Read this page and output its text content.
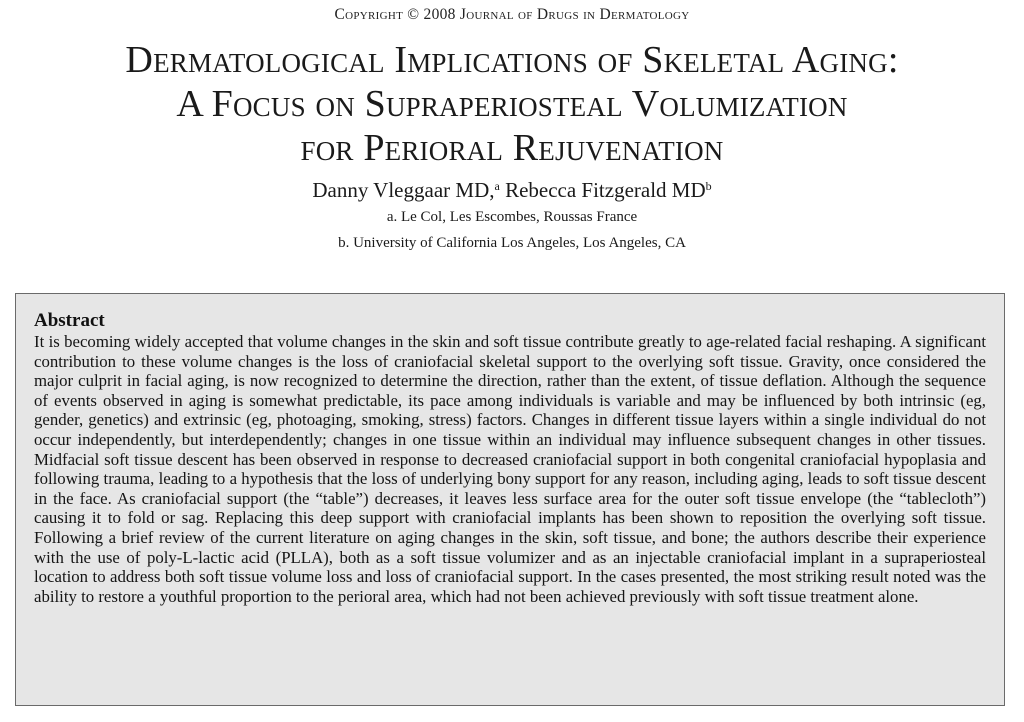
Copyright © 2008 Journal of Drugs in Dermatology
Dermatological Implications of Skeletal Aging:
A Focus on Supraperiosteal Volumization
for Perioral Rejuvenation
Danny Vleggaar MD,$^a$ Rebecca Fitzgerald $MD^b$
a. Le Col, Les Escombes, Roussas France
b. University of California Los Angeles, Los Angeles, CA
Abstract

It is becoming widely accepted that volume changes in the skin and soft tissue contribute greatly to age-related facial reshaping. A significant contribution to these volume changes is the loss of craniofacial skeletal support to the overlying soft tissue. Gravity, once considered the major culprit in facial aging, is now recognized to determine the direction, rather than the extent, of tissue deflation. Although the sequence of events observed in aging is somewhat predictable, its pace among individuals is variable and may be influenced by both intrinsic (eg, gender, genetics) and extrinsic (eg, photoaging, smoking, stress) factors. Changes in different tissue layers within a single individual do not occur independently, but interdependently; changes in one tissue within an individual may influence subsequent changes in other tissues. Midfacial soft tissue descent has been observed in response to decreased craniofacial support in both congenital craniofacial hypoplasia and following trauma, leading to a hypothesis that the loss of underlying bony support for any reason, including aging, leads to soft tissue descent in the face. As craniofacial support (the “table”) decreases, it leaves less surface area for the outer soft tissue envelope (the “tablecloth”) causing it to fold or sag. Replacing this deep support with craniofacial implants has been shown to reposition the overlying soft tissue. Following a brief review of the current literature on aging changes in the skin, soft tissue, and bone; the authors describe their experience with the use of poly-L-lactic acid (PLLA), both as a soft tissue volumizer and as an injectable craniofacial implant in a supraperiosteal location to address both soft tissue volume loss and loss of craniofacial support. In the cases presented, the most striking result noted was the ability to restore a youthful proportion to the perioral area, which had not been achieved previously with soft tissue treatment alone.
